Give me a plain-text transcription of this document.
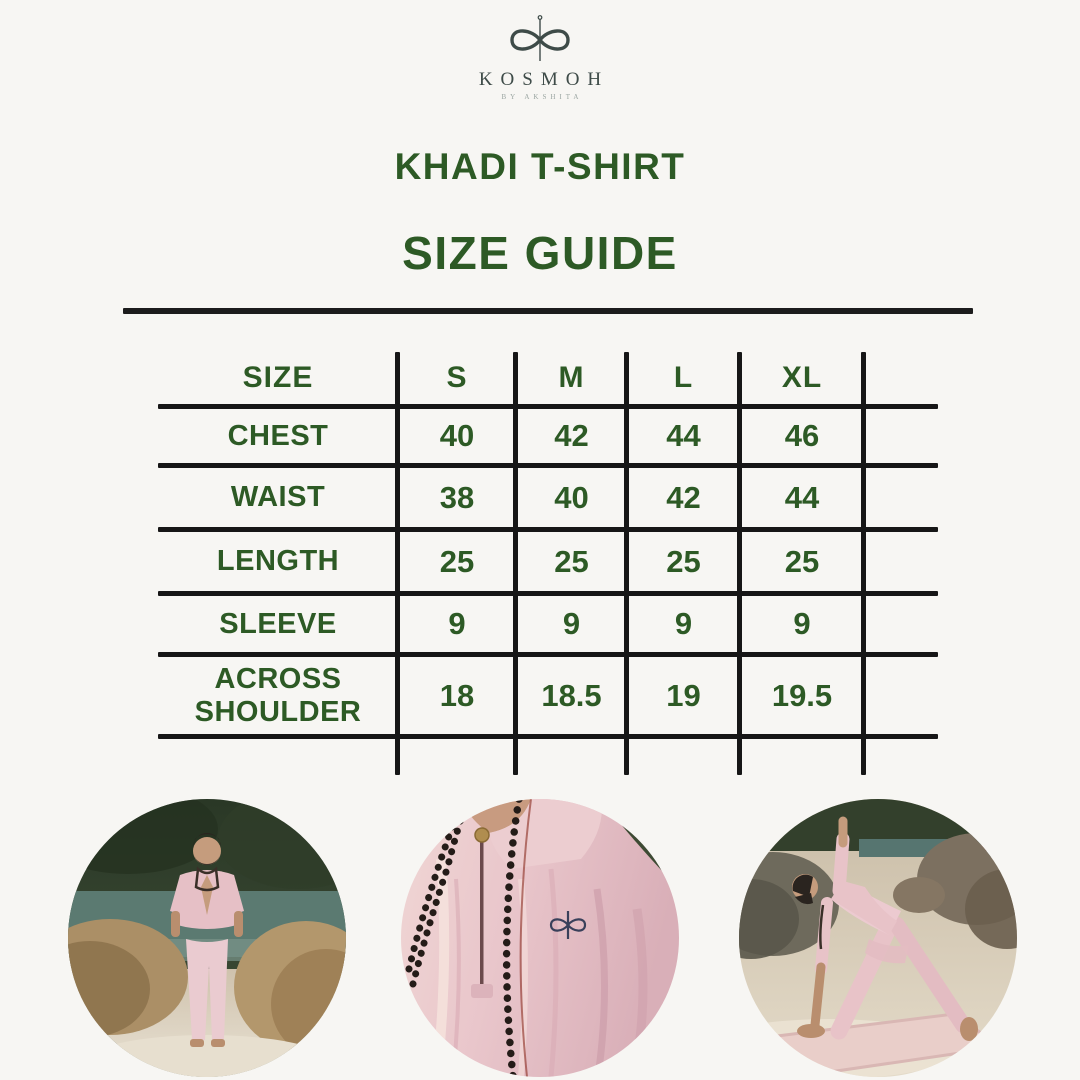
KOSMOH
BY AKSHITA
KHADI T-SHIRT
SIZE GUIDE
SIZE	S	M	L	XL
CHEST	40	42	44	46
WAIST	38	40	42	44
LENGTH	25	25	25	25
SLEEVE	9	9	9	9
ACROSS SHOULDER	18	18.5	19	19.5
